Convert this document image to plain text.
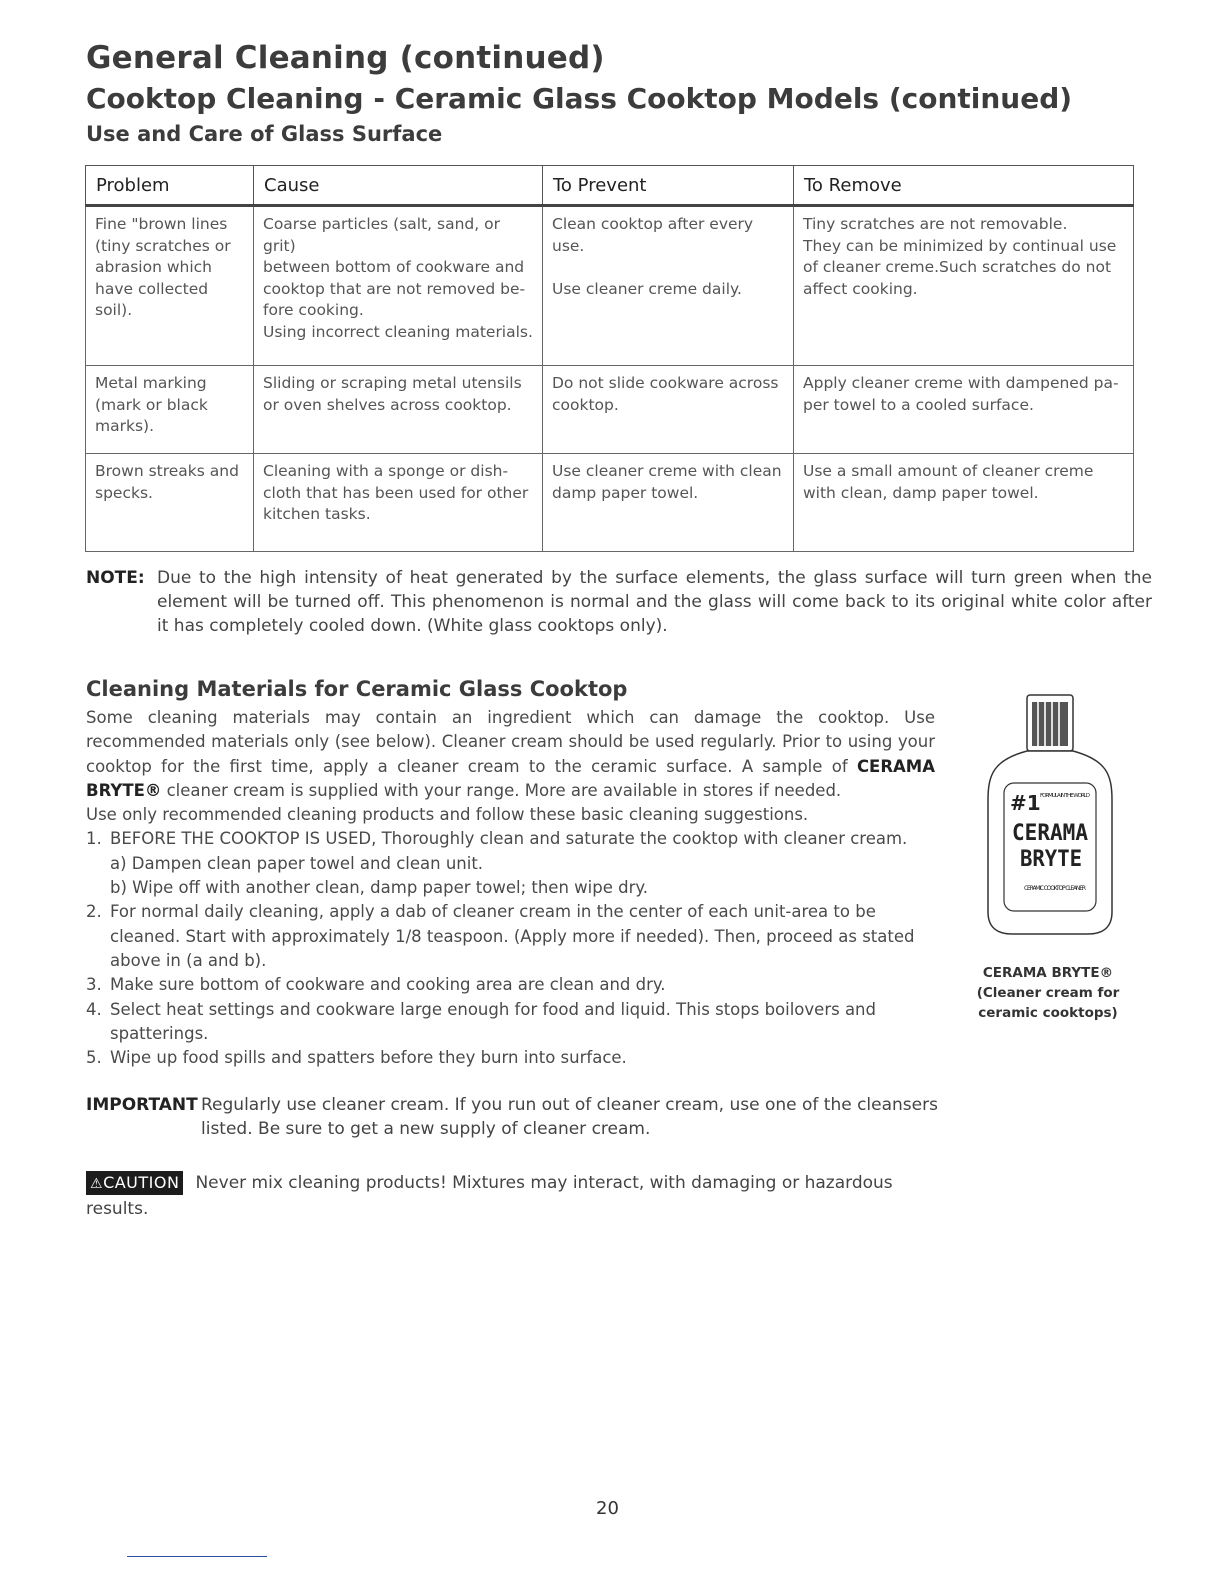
General Cleaning (continued)
Cooktop Cleaning - Ceramic Glass Cooktop Models (continued)
Use and Care of Glass Surface
Problem	Cause	To Prevent	To Remove
Fine "brown lines
(tiny scratches or
abrasion which
have collected
soil).	Coarse particles (salt, sand, or grit)
between bottom of cookware and
cooktop that are not removed be-
fore cooking.
Using incorrect cleaning materials.	Clean cooktop after every use.

Use cleaner creme daily.	Tiny scratches are not removable.
They can be minimized by continual use
of cleaner creme.Such scratches do not
affect cooking.
Metal marking
(mark or black
marks).	Sliding or scraping metal utensils
or oven shelves across cooktop.	Do not slide cookware across
cooktop.	Apply cleaner creme with dampened pa-
per towel to a cooled surface.
Brown streaks and
specks.	Cleaning with a sponge or dish-
cloth that has been used for other
kitchen tasks.	Use cleaner creme with clean
damp paper towel.	Use a small amount of cleaner creme
with clean, damp paper towel.
NOTE: Due to the high intensity of heat generated by the surface elements, the glass surface will turn green when the element will be turned off. This phenomenon is normal and the glass will come back to its original white color after it has completely cooled down. (White glass cooktops only).
Cleaning Materials for Ceramic Glass Cooktop

Some cleaning materials may contain an ingredient which can damage the cooktop. Use recommended materials only (see below). Cleaner cream should be used regularly. Prior to using your cooktop for the first time, apply a cleaner cream to the ceramic surface. A sample of CERAMA BRYTE® cleaner cream is supplied with your range. More are available in stores if needed.

Use only recommended cleaning products and follow these basic cleaning suggestions.

1. BEFORE THE COOKTOP IS USED, Thoroughly clean and saturate the cooktop with cleaner cream.
a) Dampen clean paper towel and clean unit.
b) Wipe off with another clean, damp paper towel; then wipe dry.
2. For normal daily cleaning, apply a dab of cleaner cream in the center of each unit-area to be cleaned. Start with approximately 1/8 teaspoon. (Apply more if needed). Then, proceed as stated above in (a and b).
3. Make sure bottom of cookware and cooking area are clean and dry.
4. Select heat settings and cookware large enough for food and liquid. This stops boilovers and spatterings.
5. Wipe up food spills and spatters before they burn into surface.
IMPORTANT Regularly use cleaner cream. If you run out of cleaner cream, use one of the cleansers listed. Be sure to get a new supply of cleaner cream.
⚠CAUTION Never mix cleaning products! Mixtures may interact, with damaging or hazardous results.
#1 FORMULA IN THE WORLD
CERAMA
BRYTE
CERAMIC COOKTOP CLEANER
CERAMA BRYTE®
(Cleaner cream for
ceramic cooktops)
20
